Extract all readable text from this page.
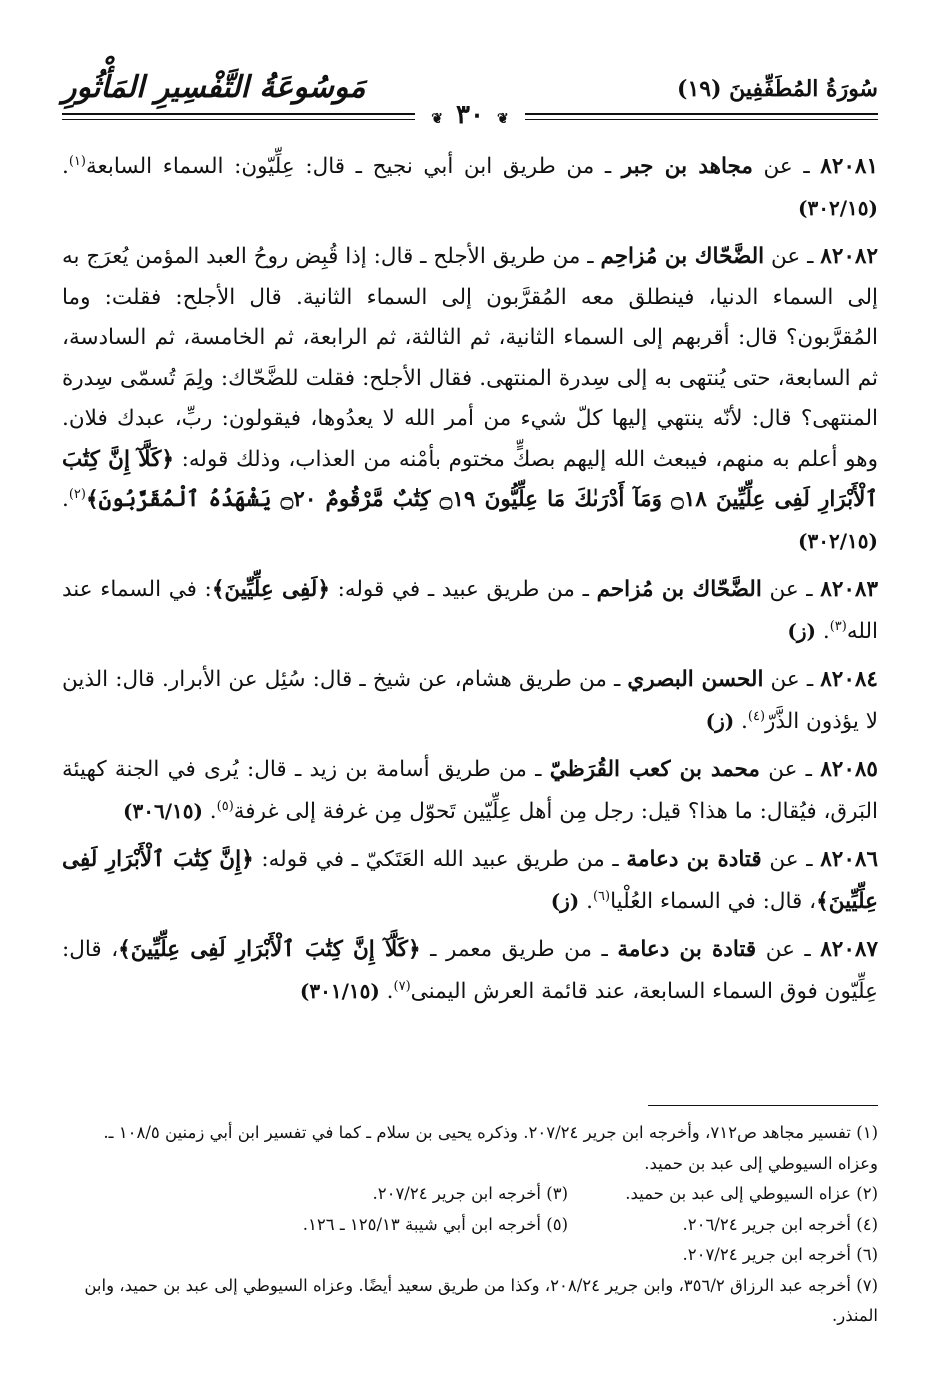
سُورَةُ المُطَفِّفِينَ (١٩)
مَوسُوعَةُ التَّفْسِيرِ المَأْثُورِ
❦ ٣٠ ❦

٨٢٠٨١ ـ عن مجاهد بن جبر ـ من طريق ابن أبي نجيح ـ قال: عِلِّيّون: السماء السابعة$^{(١)}$. (٣٠٢/١٥)

٨٢٠٨٢ ـ عن الضَّحّاك بن مُزاحِم ـ من طريق الأجلح ـ قال: إذا قُبِض روحُ العبد المؤمن يُعرَج به إلى السماء الدنيا، فينطلق معه المُقرَّبون إلى السماء الثانية. قال الأجلح: فقلت: وما المُقرَّبون؟ قال: أقربهم إلى السماء الثانية، ثم الثالثة، ثم الرابعة، ثم الخامسة، ثم السادسة، ثم السابعة، حتى يُنتهى به إلى سِدرة المنتهى. فقال الأجلح: فقلت للضَّحّاك: ولِمَ تُسمّى سِدرة المنتهى؟ قال: لأنّه ينتهي إليها كلّ شيء من أمر الله لا يعدُوها، فيقولون: ربِّ، عبدك فلان. وهو أعلم به منهم، فيبعث الله إليهم بصكٍّ مختوم بأمْنه من العذاب، وذلك قوله: ﴿كَلَّآ إِنَّ كِتَٰبَ ٱلْأَبْرَارِ لَفِى عِلِّيِّينَ ۝١٨ وَمَآ أَدْرَىٰكَ مَا عِلِّيُّونَ ۝١٩ كِتَٰبٌ مَّرْقُومٌ ۝٢٠ يَشْهَدُهُ ٱلْمُقَرَّبُونَ﴾$^{(٢)}$. (٣٠٢/١٥)

٨٢٠٨٣ ـ عن الضَّحّاك بن مُزاحم ـ من طريق عبيد ـ في قوله: ﴿لَفِى عِلِّيِّينَ﴾: في السماء عند الله$^{(٣)}$. (ز)

٨٢٠٨٤ ـ عن الحسن البصري ـ من طريق هشام، عن شيخ ـ قال: سُئِل عن الأبرار. قال: الذين لا يؤذون الذَّرّ$^{(٤)}$. (ز)

٨٢٠٨٥ ـ عن محمد بن كعب القُرَظيّ ـ من طريق أسامة بن زيد ـ قال: يُرى في الجنة كهيئة البَرق، فيُقال: ما هذا؟ قيل: رجل مِن أهل عِلِّيّين تَحوّل مِن غرفة إلى غرفة$^{(٥)}$. (٣٠٦/١٥)

٨٢٠٨٦ ـ عن قتادة بن دعامة ـ من طريق عبيد الله العَتَكيّ ـ في قوله: ﴿إِنَّ كِتَٰبَ ٱلْأَبْرَارِ لَفِى عِلِّيِّينَ﴾، قال: في السماء العُلْيا$^{(٦)}$. (ز)

٨٢٠٨٧ ـ عن قتادة بن دعامة ـ من طريق معمر ـ ﴿كَلَّآ إِنَّ كِتَٰبَ ٱلْأَبْرَارِ لَفِى عِلِّيِّينَ﴾، قال: عِلِّيّون فوق السماء السابعة، عند قائمة العرش اليمنى$^{(٧)}$. (٣٠١/١٥)

(١) تفسير مجاهد ص٧١٢، وأخرجه ابن جرير ٢٠٧/٢٤. وذكره يحيى بن سلام ـ كما في تفسير ابن أبي زمنين ١٠٨/٥ ـ. وعزاه السيوطي إلى عبد بن حميد.

(٢) عزاه السيوطي إلى عبد بن حميد.

(٣) أخرجه ابن جرير ٢٠٧/٢٤.

(٤) أخرجه ابن جرير ٢٠٦/٢٤.

(٥) أخرجه ابن أبي شيبة ١٢٥/١٣ ـ ١٢٦.

(٦) أخرجه ابن جرير ٢٠٧/٢٤.

(٧) أخرجه عبد الرزاق ٣٥٦/٢، وابن جرير ٢٠٨/٢٤، وكذا من طريق سعيد أيضًا. وعزاه السيوطي إلى عبد بن حميد، وابن المنذر.
